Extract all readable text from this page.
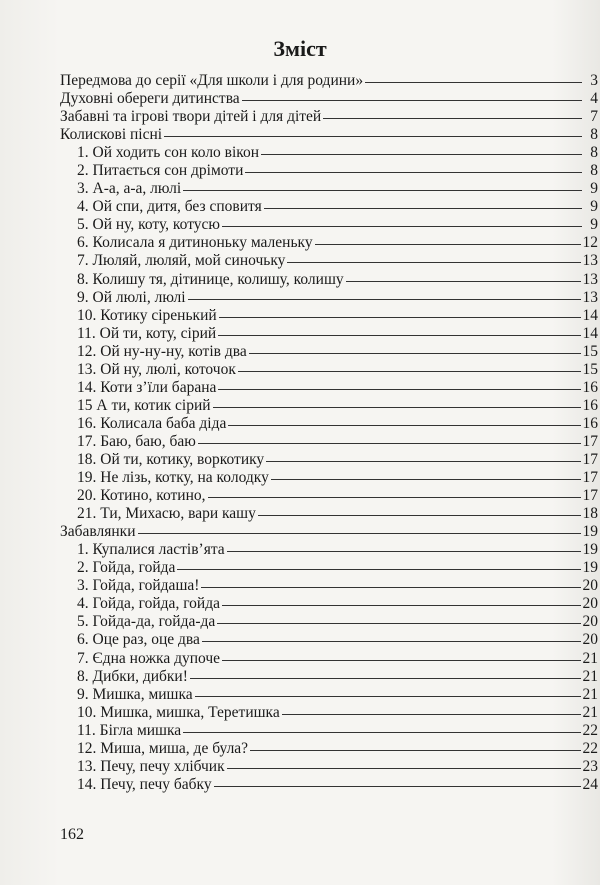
Зміст
Передмова до серії «Для школи і для родини»	3
Духовні обереги дитинства	4
Забавні та ігрові твори дітей і для дітей	7
Колискові пісні	8
1. Ой ходить сон коло вікон	8
2. Питається сон дрімоти	8
3. А-а, а-а, люлі	9
4. Ой спи, дитя, без сповитя	9
5. Ой ну, коту, котусю	9
6. Колисала я дитиноньку маленьку	12
7. Люляй, люляй, мой синочьку	13
8. Колишу тя, дітинице, колишу, колишу	13
9. Ой люлі, люлі	13
10. Котику сіренький	14
11. Ой ти, коту, сірий	14
12. Ой ну-ну-ну, котів два	15
13. Ой ну, люлі, коточок	15
14. Коти з’їли барана	16
15 А ти, котик сірий	16
16. Колисала баба діда	16
17. Баю, баю, баю	17
18. Ой ти, котику, воркотику	17
19. Не лізь, котку, на колодку	17
20. Котино, котино,	17
21. Ти, Михасю, вари кашу	18
Забавлянки	19
1. Купалися ластів’ята	19
2. Гойда, гойда	19
3. Гойда, гойдаша!	20
4. Гойда, гойда, гойда	20
5. Гойда-да, гойда-да	20
6. Оце раз, оце два	20
7. Єдна ножка дупоче	21
8. Дибки, дибки!	21
9. Мишка, мишка	21
10. Мишка, мишка, Теретишка	21
11. Бігла мишка	22
12. Миша, миша, де була?	22
13. Печу, печу хлібчик	23
14. Печу, печу бабку	24
162
